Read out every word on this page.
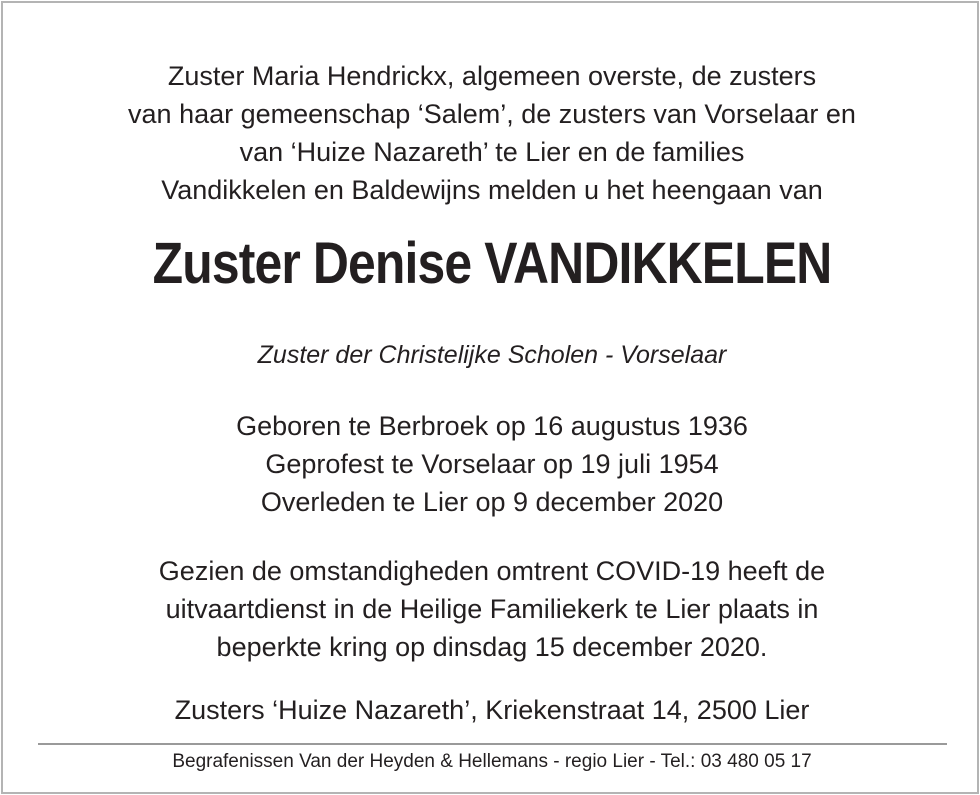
Zuster Maria Hendrickx, algemeen overste, de zusters
van haar gemeenschap ‘Salem’, de zusters van Vorselaar en
van ‘Huize Nazareth’ te Lier en de families
Vandikkelen en Baldewijns melden u het heengaan van
Zuster Denise VANDIKKELEN
Zuster der Christelijke Scholen - Vorselaar
Geboren te Berbroek op 16 augustus 1936
Geprofest te Vorselaar op 19 juli 1954
Overleden te Lier op 9 december 2020
Gezien de omstandigheden omtrent COVID-19 heeft de
uitvaartdienst in de Heilige Familiekerk te Lier plaats in
beperkte kring op dinsdag 15 december 2020.
Zusters ‘Huize Nazareth’, Kriekenstraat 14, 2500 Lier
Begrafenissen Van der Heyden & Hellemans - regio Lier - Tel.: 03 480 05 17
